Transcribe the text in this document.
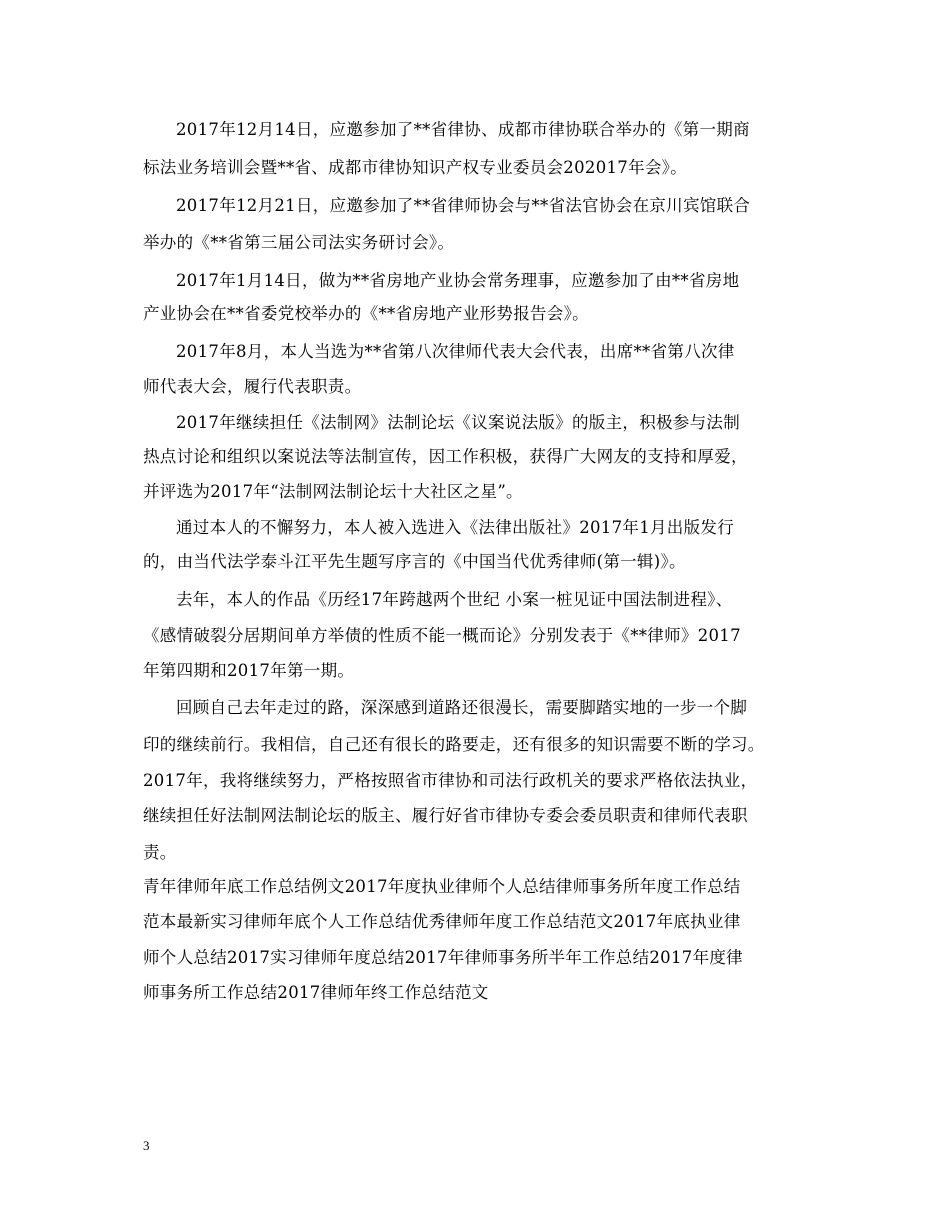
2017年12月14日，应邀参加了**省律协、成都市律协联合举办的《第一期商
标法业务培训会暨**省、成都市律协知识产权专业委员会202017年会》。
2017年12月21日，应邀参加了**省律师协会与**省法官协会在京川宾馆联合
举办的《**省第三届公司法实务研讨会》。
2017年1月14日，做为**省房地产业协会常务理事，应邀参加了由**省房地
产业协会在**省委党校举办的《**省房地产业形势报告会》。
2017年8月，本人当选为**省第八次律师代表大会代表，出席**省第八次律
师代表大会，履行代表职责。
2017年继续担任《法制网》法制论坛《议案说法版》的版主，积极参与法制
热点讨论和组织以案说法等法制宣传，因工作积极，获得广大网友的支持和厚爱，
并评选为2017年“法制网法制论坛十大社区之星”。
通过本人的不懈努力，本人被入选进入《法律出版社》2017年1月出版发行
的，由当代法学泰斗江平先生题写序言的《中国当代优秀律师(第一辑)》。
去年，本人的作品《历经17年跨越两个世纪 小案一桩见证中国法制进程》、
《感情破裂分居期间单方举债的性质不能一概而论》分别发表于《**律师》2017
年第四期和2017年第一期。
回顾自己去年走过的路，深深感到道路还很漫长，需要脚踏实地的一步一个脚
印的继续前行。我相信，自己还有很长的路要走，还有很多的知识需要不断的学习。
2017年，我将继续努力，严格按照省市律协和司法行政机关的要求严格依法执业，
继续担任好法制网法制论坛的版主、履行好省市律协专委会委员职责和律师代表职
责。
青年律师年底工作总结例文2017年度执业律师个人总结律师事务所年度工作总结
范本最新实习律师年底个人工作总结优秀律师年度工作总结范文2017年底执业律
师个人总结2017实习律师年度总结2017年律师事务所半年工作总结2017年度律
师事务所工作总结2017律师年终工作总结范文
3
